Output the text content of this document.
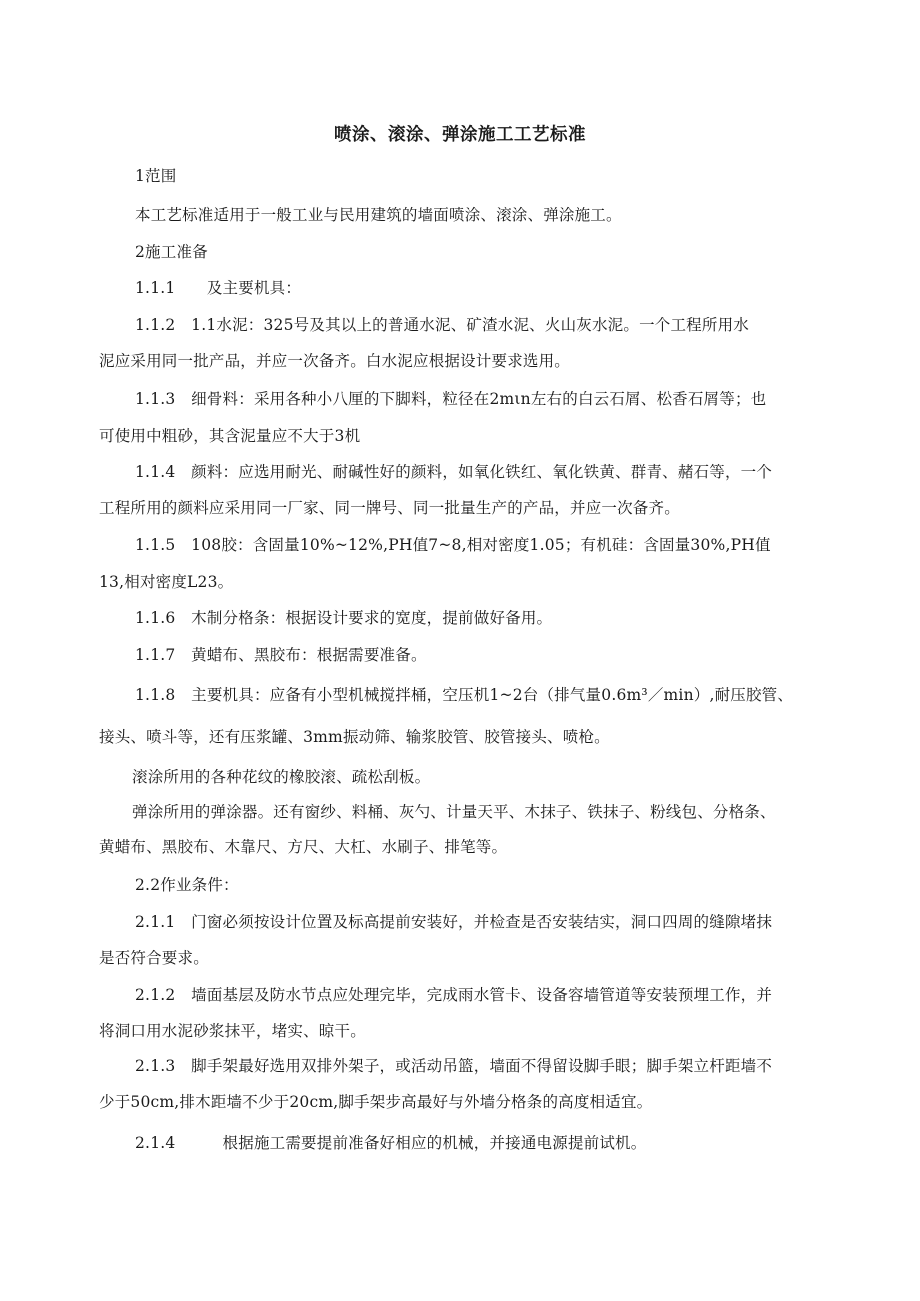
喷涂、滚涂、弹涂施工工艺标准
1范围
本工艺标准适用于一般工业与民用建筑的墙面喷涂、滚涂、弹涂施工。
2施工准备
1.1.1　　及主要机具：
1.1.2　1.1水泥：325号及其以上的普通水泥、矿渣水泥、火山灰水泥。一个工程所用水
泥应采用同一批产品，并应一次备齐。白水泥应根据设计要求选用。
1.1.3　细骨料：采用各种小八厘的下脚料，粒径在2mιn左右的白云石屑、松香石屑等；也
可使用中粗砂，其含泥量应不大于3机
1.1.4　颜料：应选用耐光、耐碱性好的颜料，如氧化铁红、氧化铁黄、群青、赭石等，一个
工程所用的颜料应采用同一厂家、同一牌号、同一批量生产的产品，并应一次备齐。
1.1.5　108胶：含固量10%~12%,PH值7~8,相对密度1.05；有机硅：含固量30%,PH值
13,相对密度L23。
1.1.6　木制分格条：根据设计要求的宽度，提前做好备用。
1.1.7　黄蜡布、黑胶布：根据需要准备。
1.1.8　主要机具：应备有小型机械搅拌桶，空压机1~2台（排气量0.6m³／min）,耐压胶管、
接头、喷斗等，还有压浆罐、3mm振动筛、输浆胶管、胶管接头、喷枪。
滚涂所用的各种花纹的橡胶滚、疏松刮板。
弹涂所用的弹涂器。还有窗纱、料桶、灰勺、计量天平、木抹子、铁抹子、粉线包、分格条、
黄蜡布、黑胶布、木靠尺、方尺、大杠、水刷子、排笔等。
2.2作业条件：
2.1.1　门窗必须按设计位置及标高提前安装好，并检查是否安装结实，洞口四周的缝隙堵抹
是否符合要求。
2.1.2　墙面基层及防水节点应处理完毕，完成雨水管卡、设备容墙管道等安装预埋工作，并
将洞口用水泥砂浆抹平，堵实、晾干。
2.1.3　脚手架最好选用双排外架子，或活动吊篮，墙面不得留设脚手眼；脚手架立杆距墙不
少于50cm,排木距墙不少于20cm,脚手架步高最好与外墙分格条的高度相适宜。
2.1.4　　　根据施工需要提前准备好相应的机械，并接通电源提前试机。
